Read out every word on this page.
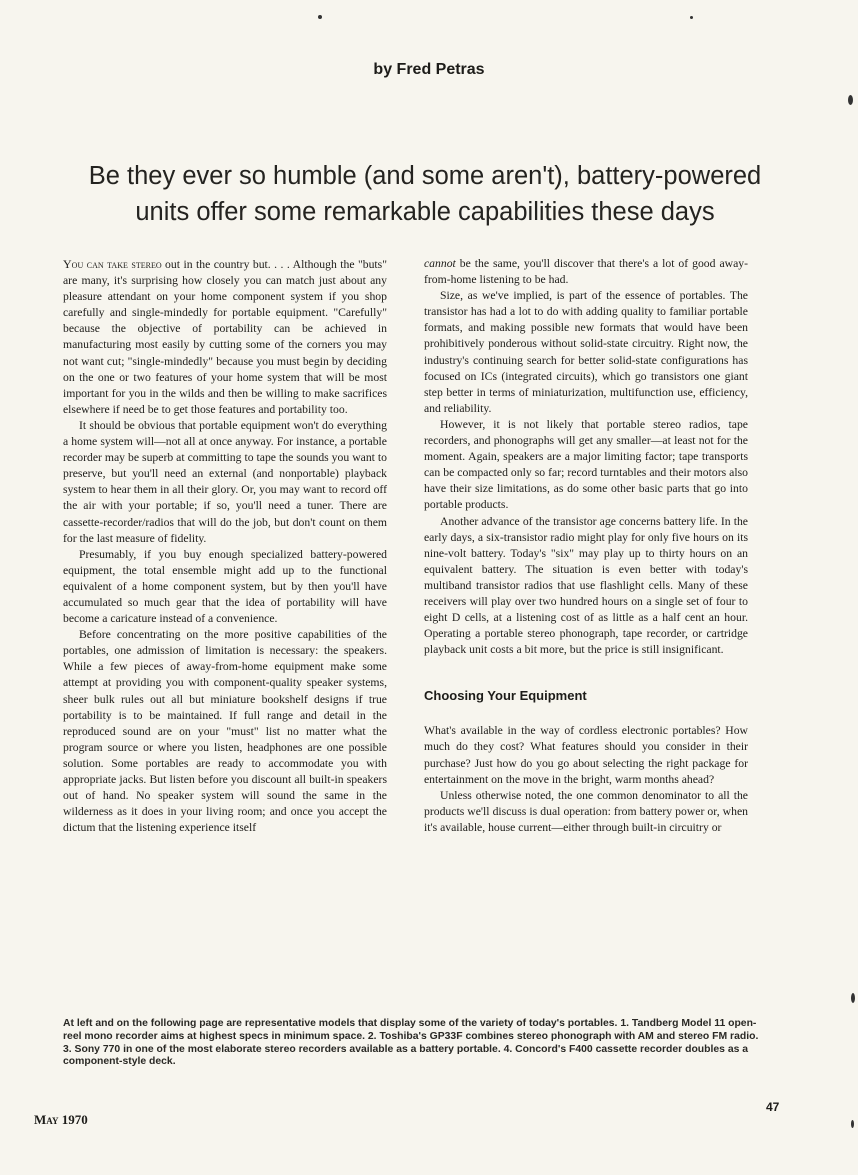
by Fred Petras
Be they ever so humble (and some aren't), battery-powered
units offer some remarkable capabilities these days

You can take stereo out in the country but. . . . Although the "buts" are many, it's surprising how closely you can match just about any pleasure attendant on your home component system if you shop carefully and single-mindedly for portable equipment. "Carefully" because the objective of portability can be achieved in manufacturing most easily by cutting some of the corners you may not want cut; "single-mindedly" because you must begin by deciding on the one or two features of your home system that will be most important for you in the wilds and then be willing to make sacrifices elsewhere if need be to get those features and portability too.

It should be obvious that portable equipment won't do everything a home system will—not all at once anyway. For instance, a portable recorder may be superb at committing to tape the sounds you want to preserve, but you'll need an external (and nonportable) playback system to hear them in all their glory. Or, you may want to record off the air with your portable; if so, you'll need a tuner. There are cassette-recorder/radios that will do the job, but don't count on them for the last measure of fidelity.

Presumably, if you buy enough specialized battery-powered equipment, the total ensemble might add up to the functional equivalent of a home component system, but by then you'll have accumulated so much gear that the idea of portability will have become a caricature instead of a convenience.

Before concentrating on the more positive capabilities of the portables, one admission of limitation is necessary: the speakers. While a few pieces of away-from-home equipment make some attempt at providing you with component-quality speaker systems, sheer bulk rules out all but miniature bookshelf designs if true portability is to be maintained. If full range and detail in the reproduced sound are on your "must" list no matter what the program source or where you listen, headphones are one possible solution. Some portables are ready to accommodate you with appropriate jacks. But listen before you discount all built-in speakers out of hand. No speaker system will sound the same in the wilderness as it does in your living room; and once you accept the dictum that the listening experience itself

cannot be the same, you'll discover that there's a lot of good away-from-home listening to be had.

Size, as we've implied, is part of the essence of portables. The transistor has had a lot to do with adding quality to familiar portable formats, and making possible new formats that would have been prohibitively ponderous without solid-state circuitry. Right now, the industry's continuing search for better solid-state configurations has focused on ICs (integrated circuits), which go transistors one giant step better in terms of miniaturization, multifunction use, efficiency, and reliability.

However, it is not likely that portable stereo radios, tape recorders, and phonographs will get any smaller—at least not for the moment. Again, speakers are a major limiting factor; tape transports can be compacted only so far; record turntables and their motors also have their size limitations, as do some other basic parts that go into portable products.

Another advance of the transistor age concerns battery life. In the early days, a six-transistor radio might play for only five hours on its nine-volt battery. Today's "six" may play up to thirty hours on an equivalent battery. The situation is even better with today's multiband transistor radios that use flashlight cells. Many of these receivers will play over two hundred hours on a single set of four to eight D cells, at a listening cost of as little as a half cent an hour. Operating a portable stereo phonograph, tape recorder, or cartridge playback unit costs a bit more, but the price is still insignificant.

Choosing Your Equipment

What's available in the way of cordless electronic portables? How much do they cost? What features should you consider in their purchase? Just how do you go about selecting the right package for entertainment on the move in the bright, warm months ahead?

Unless otherwise noted, the one common denominator to all the products we'll discuss is dual operation: from battery power or, when it's available, house current—either through built-in circuitry or

At left and on the following page are representative models that display some of the variety of today's portables. 1. Tandberg Model 11 open-reel mono recorder aims at highest specs in minimum space. 2. Toshiba's GP33F combines stereo phonograph with AM and stereo FM radio. 3. Sony 770 in one of the most elaborate stereo recorders available as a battery portable. 4. Concord's F400 cassette recorder doubles as a component-style deck.
May 1970
47
